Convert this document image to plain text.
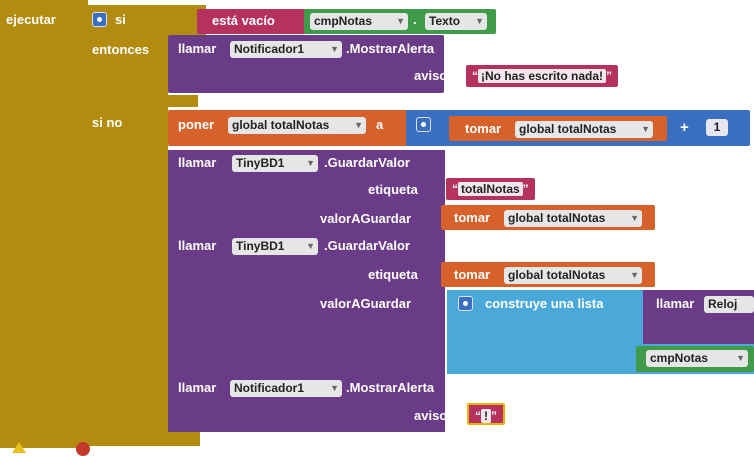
ejecutar	si
entonces
si no
está vacío	cmpNotas	▼ .	Texto ▼
llamar	Notificador1	▼ .MostrarAlerta
aviso	“ ¡No has escrito nada! ”
poner	global totalNotas	▼ a	tomar	global totalNotas	▼ +	1
llamar	TinyBD1 ▼ .GuardarValor
etiqueta	“ totalNotas ”
valorAGuardar	tomar	global totalNotas	▼
llamar	TinyBD1 ▼ .GuardarValor
etiqueta	tomar	global totalNotas	▼
valorAGuardar	construye una lista	llamar	Reloj
cmpNotas	▼
llamar	Notificador1	▼ .MostrarAlerta
aviso	“ ! ”
